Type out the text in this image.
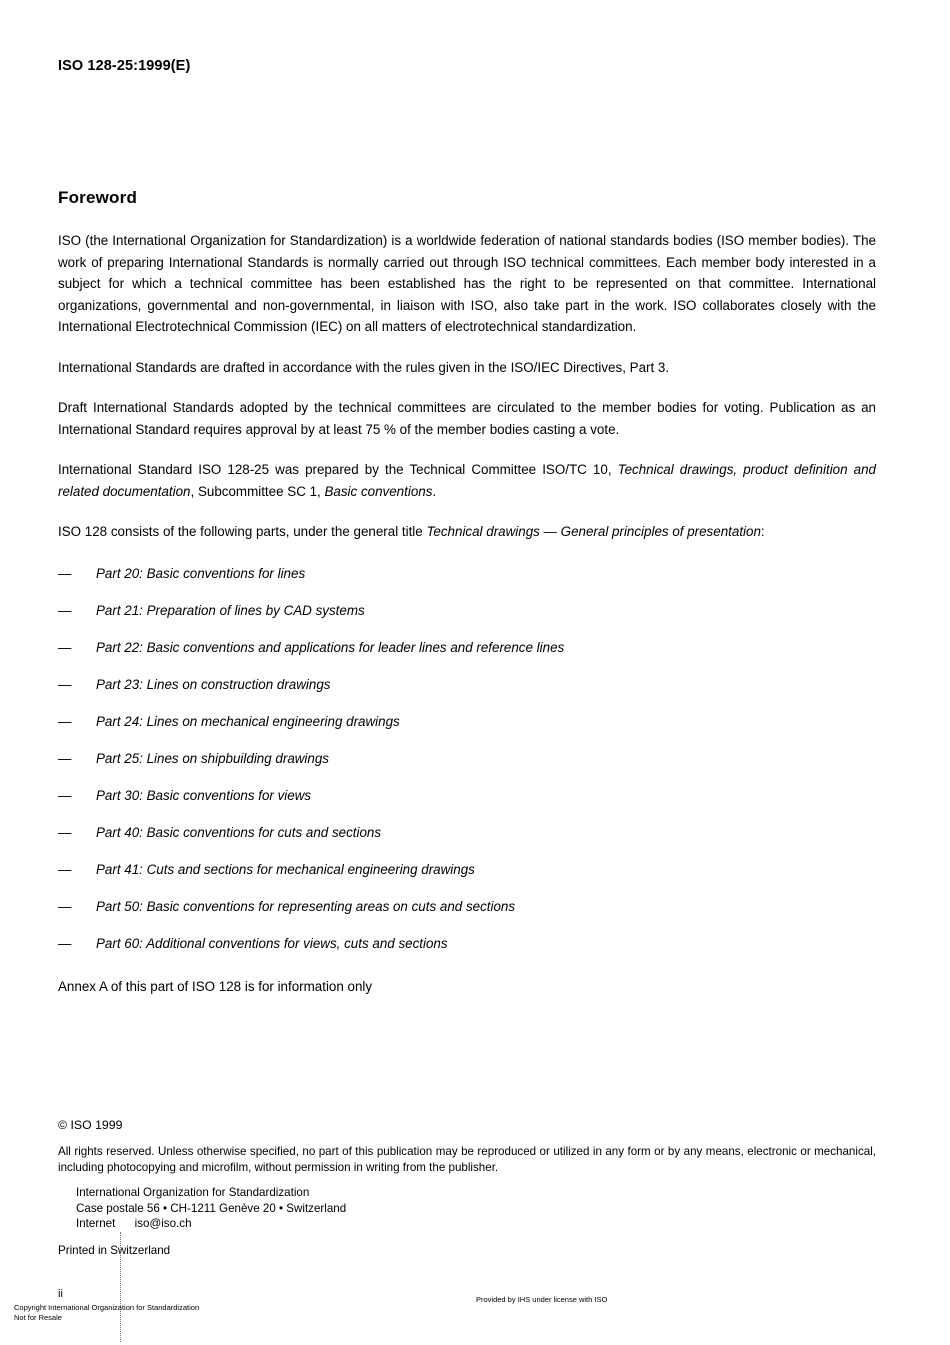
ISO 128-25:1999(E)
Foreword

ISO (the International Organization for Standardization) is a worldwide federation of national standards bodies (ISO member bodies). The work of preparing International Standards is normally carried out through ISO technical committees. Each member body interested in a subject for which a technical committee has been established has the right to be represented on that committee. International organizations, governmental and non-governmental, in liaison with ISO, also take part in the work. ISO collaborates closely with the International Electrotechnical Commission (IEC) on all matters of electrotechnical standardization.

International Standards are drafted in accordance with the rules given in the ISO/IEC Directives, Part 3.

Draft International Standards adopted by the technical committees are circulated to the member bodies for voting. Publication as an International Standard requires approval by at least 75 % of the member bodies casting a vote.

International Standard ISO 128-25 was prepared by the Technical Committee ISO/TC 10, Technical drawings, product definition and related documentation, Subcommittee SC 1, Basic conventions.

ISO 128 consists of the following parts, under the general title Technical drawings — General principles of presentation:

— Part 20: Basic conventions for lines
— Part 21: Preparation of lines by CAD systems
— Part 22: Basic conventions and applications for leader lines and reference lines
— Part 23: Lines on construction drawings
— Part 24: Lines on mechanical engineering drawings
— Part 25: Lines on shipbuilding drawings
— Part 30: Basic conventions for views
— Part 40: Basic conventions for cuts and sections
— Part 41: Cuts and sections for mechanical engineering drawings
— Part 50: Basic conventions for representing areas on cuts and sections
— Part 60: Additional conventions for views, cuts and sections

Annex A of this part of ISO 128 is for information only

© ISO 1999
All rights reserved. Unless otherwise specified, no part of this publication may be reproduced or utilized in any form or by any means, electronic or mechanical, including photocopying and microfilm, without permission in writing from the publisher.
International Organization for Standardization
Case postale 56 • CH-1211 Genève 20 • Switzerland
Internet      iso@iso.ch
Printed in Switzerland
ii
Copyright International Organization for Standardization
Not for Resale
Provided by IHS under license with ISO
